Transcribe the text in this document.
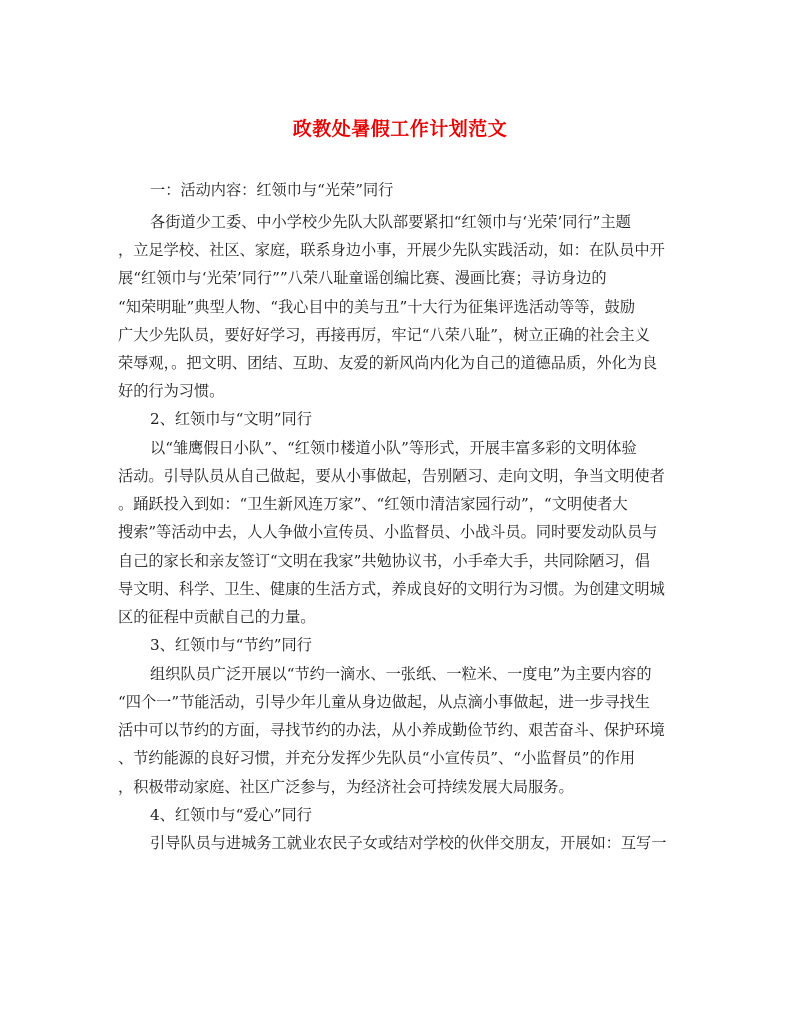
政教处暑假工作计划范文

一：活动内容：红领巾与“光荣”同行

各街道少工委、中小学校少先队大队部要紧扣“红领巾与‘光荣’同行”主题

，立足学校、社区、家庭，联系身边小事，开展少先队实践活动，如：在队员中开

展“红领巾与‘光荣’同行””八荣八耻童谣创编比赛、漫画比赛；寻访身边的

“知荣明耻”典型人物、“我心目中的美与丑”十大行为征集评选活动等等，鼓励

广大少先队员，要好好学习，再接再厉，牢记“八荣八耻”，树立正确的社会主义

荣辱观，。把文明、团结、互助、友爱的新风尚内化为自己的道德品质，外化为良

好的行为习惯。

2、红领巾与“文明”同行

以“雏鹰假日小队”、“红领巾楼道小队”等形式，开展丰富多彩的文明体验

活动。引导队员从自己做起，要从小事做起，告别陋习、走向文明，争当文明使者

。踊跃投入到如：“卫生新风连万家”、“红领巾清洁家园行动”，“文明使者大

搜索”等活动中去，人人争做小宣传员、小监督员、小战斗员。同时要发动队员与

自己的家长和亲友签订“文明在我家”共勉协议书，小手牵大手，共同除陋习，倡

导文明、科学、卫生、健康的生活方式，养成良好的文明行为习惯。为创建文明城

区的征程中贡献自己的力量。

3、红领巾与“节约”同行

组织队员广泛开展以“节约一滴水、一张纸、一粒米、一度电”为主要内容的

“四个一”节能活动，引导少年儿童从身边做起，从点滴小事做起，进一步寻找生

活中可以节约的方面，寻找节约的办法，从小养成勤俭节约、艰苦奋斗、保护环境

、节约能源的良好习惯，并充分发挥少先队员“小宣传员”、“小监督员”的作用

，积极带动家庭、社区广泛参与，为经济社会可持续发展大局服务。

4、红领巾与“爱心”同行

引导队员与进城务工就业农民子女或结对学校的伙伴交朋友，开展如：互写一
